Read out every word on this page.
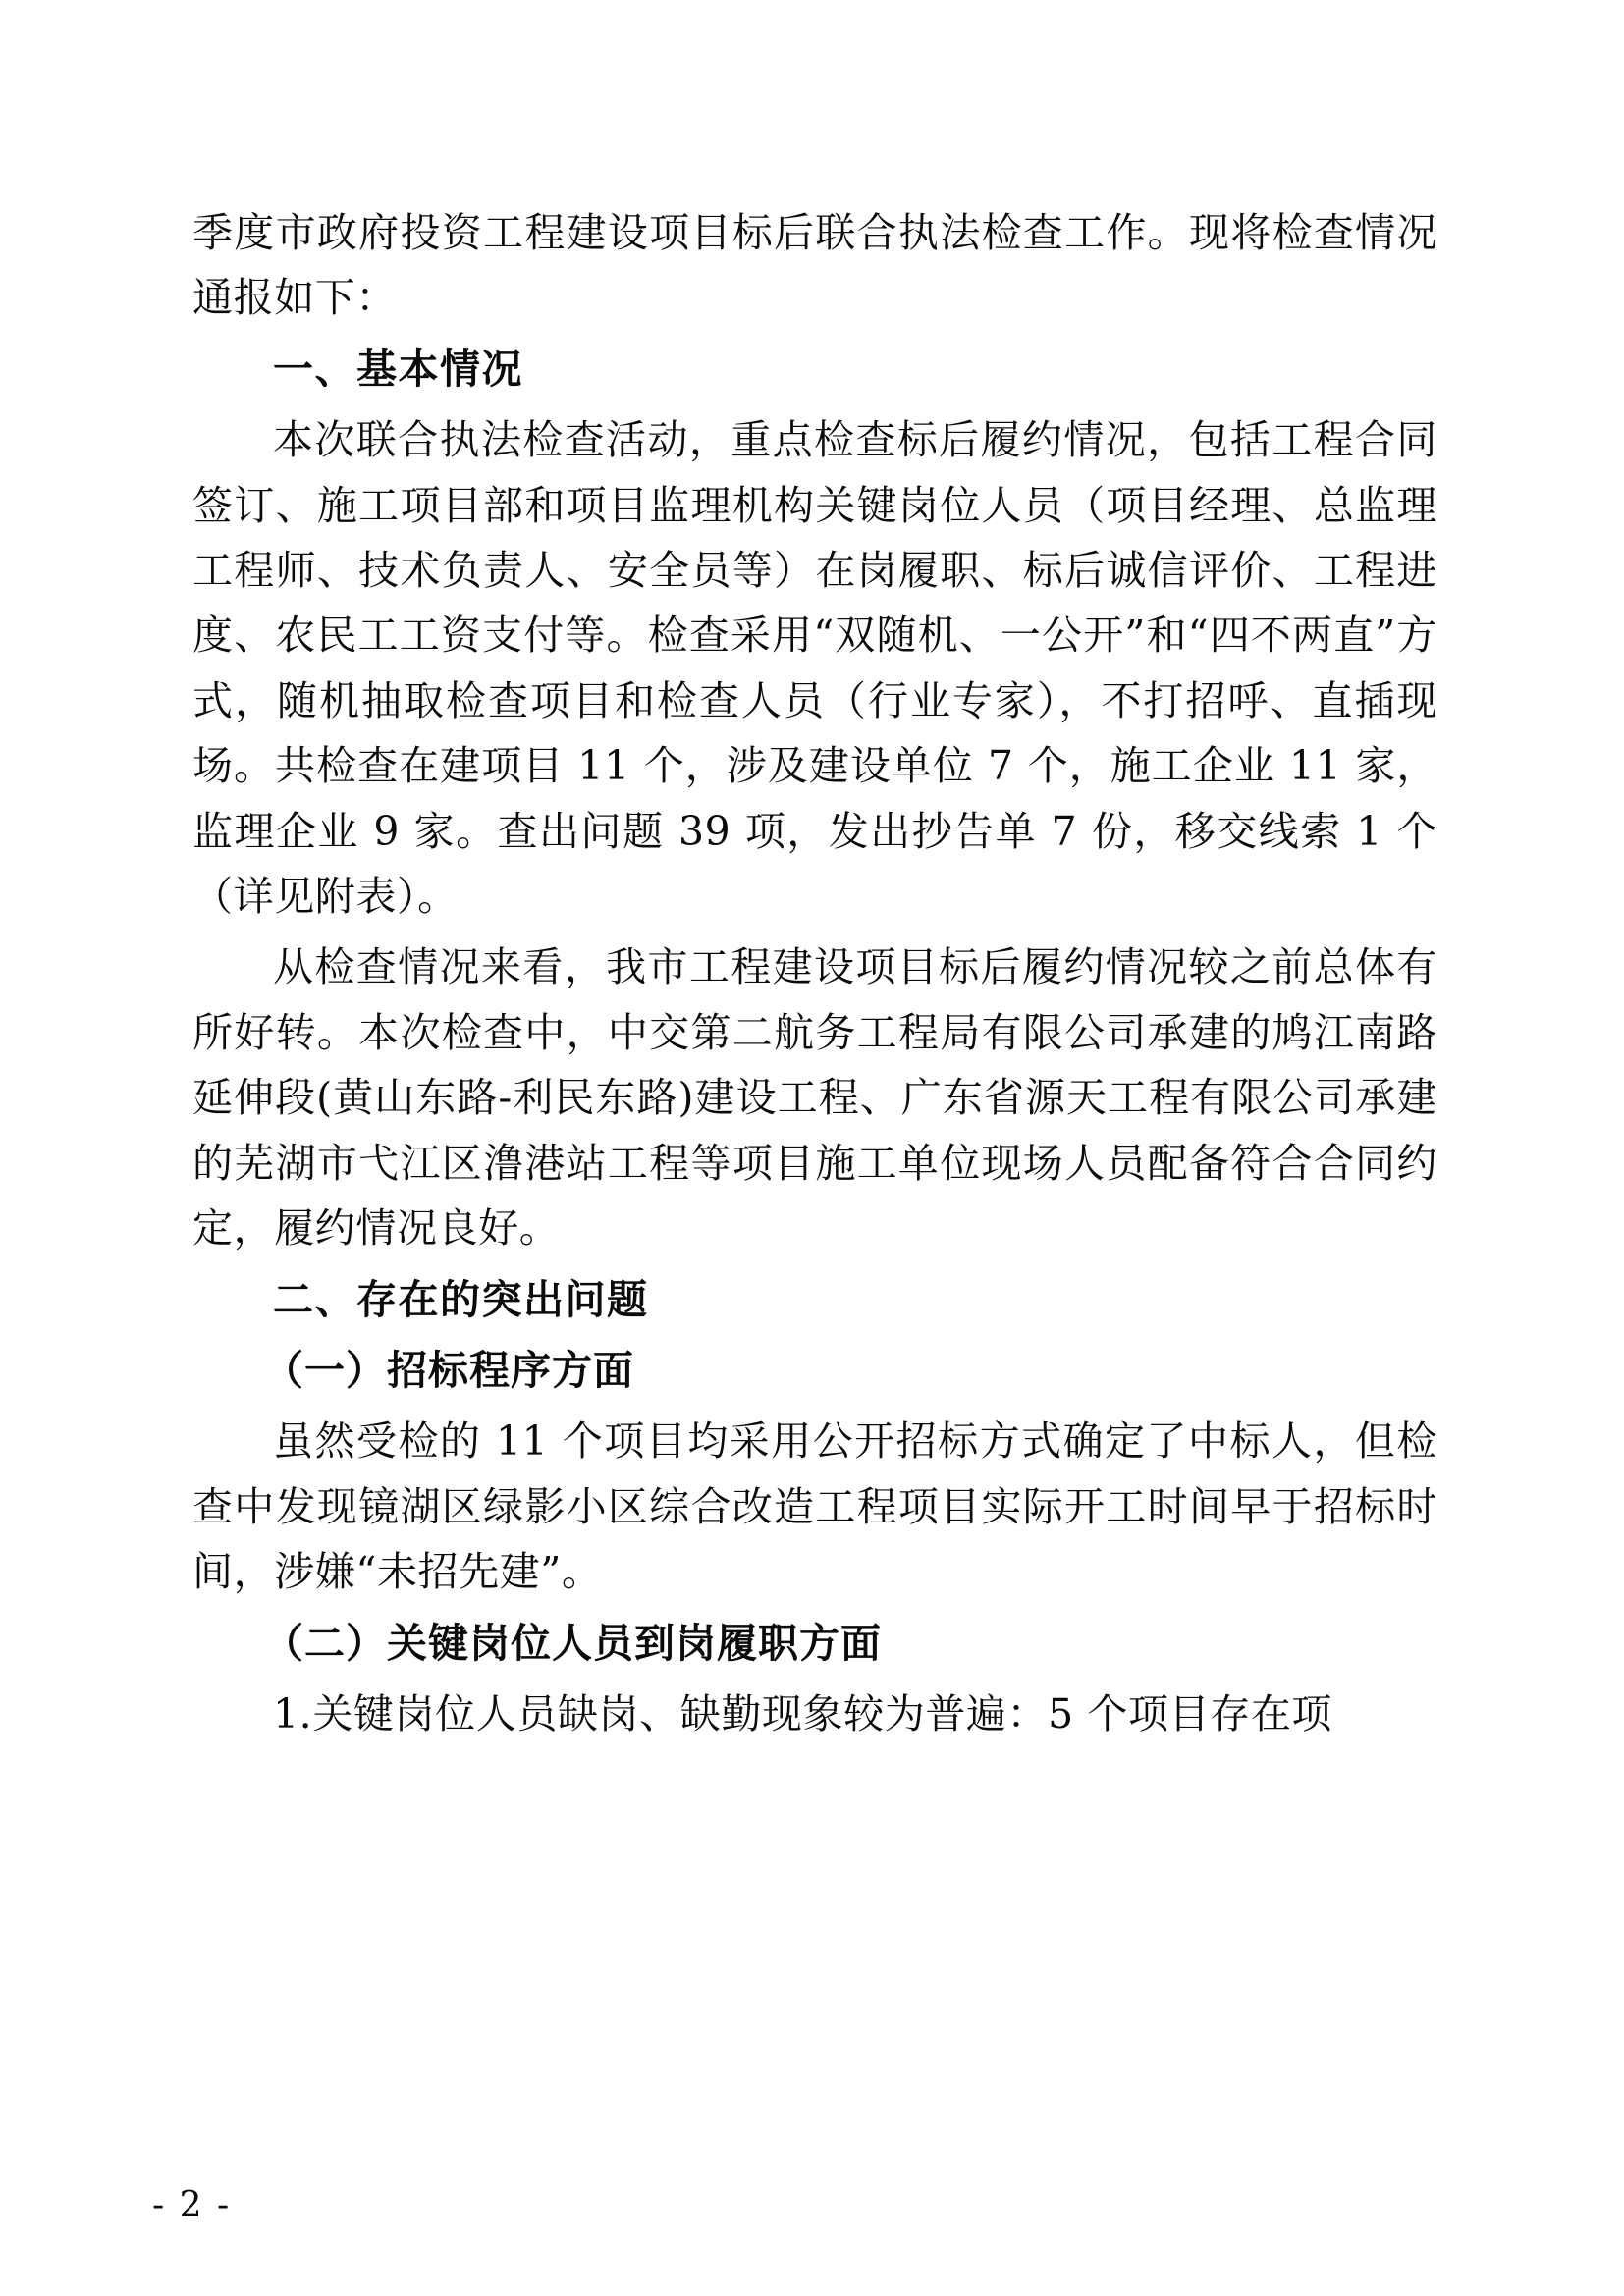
季度市政府投资工程建设项目标后联合执法检查工作。现将检查情况通报如下：

一、基本情况

本次联合执法检查活动，重点检查标后履约情况，包括工程合同签订、施工项目部和项目监理机构关键岗位人员（项目经理、总监理工程师、技术负责人、安全员等）在岗履职、标后诚信评价、工程进度、农民工工资支付等。检查采用“双随机、一公开”和“四不两直”方式，随机抽取检查项目和检查人员（行业专家），不打招呼、直插现场。共检查在建项目 11 个，涉及建设单位 7 个，施工企业 11 家，监理企业 9 家。查出问题 39 项，发出抄告单 7 份，移交线索 1 个（详见附表）。

从检查情况来看，我市工程建设项目标后履约情况较之前总体有所好转。本次检查中，中交第二航务工程局有限公司承建的鸠江南路延伸段(黄山东路-利民东路)建设工程、广东省源天工程有限公司承建的芜湖市弋江区澛港站工程等项目施工单位现场人员配备符合合同约定，履约情况良好。

二、存在的突出问题

（一）招标程序方面

虽然受检的 11 个项目均采用公开招标方式确定了中标人，但检查中发现镜湖区绿影小区综合改造工程项目实际开工时间早于招标时间，涉嫌“未招先建”。

（二）关键岗位人员到岗履职方面

1.关键岗位人员缺岗、缺勤现象较为普遍：5 个项目存在项

- 2 -
